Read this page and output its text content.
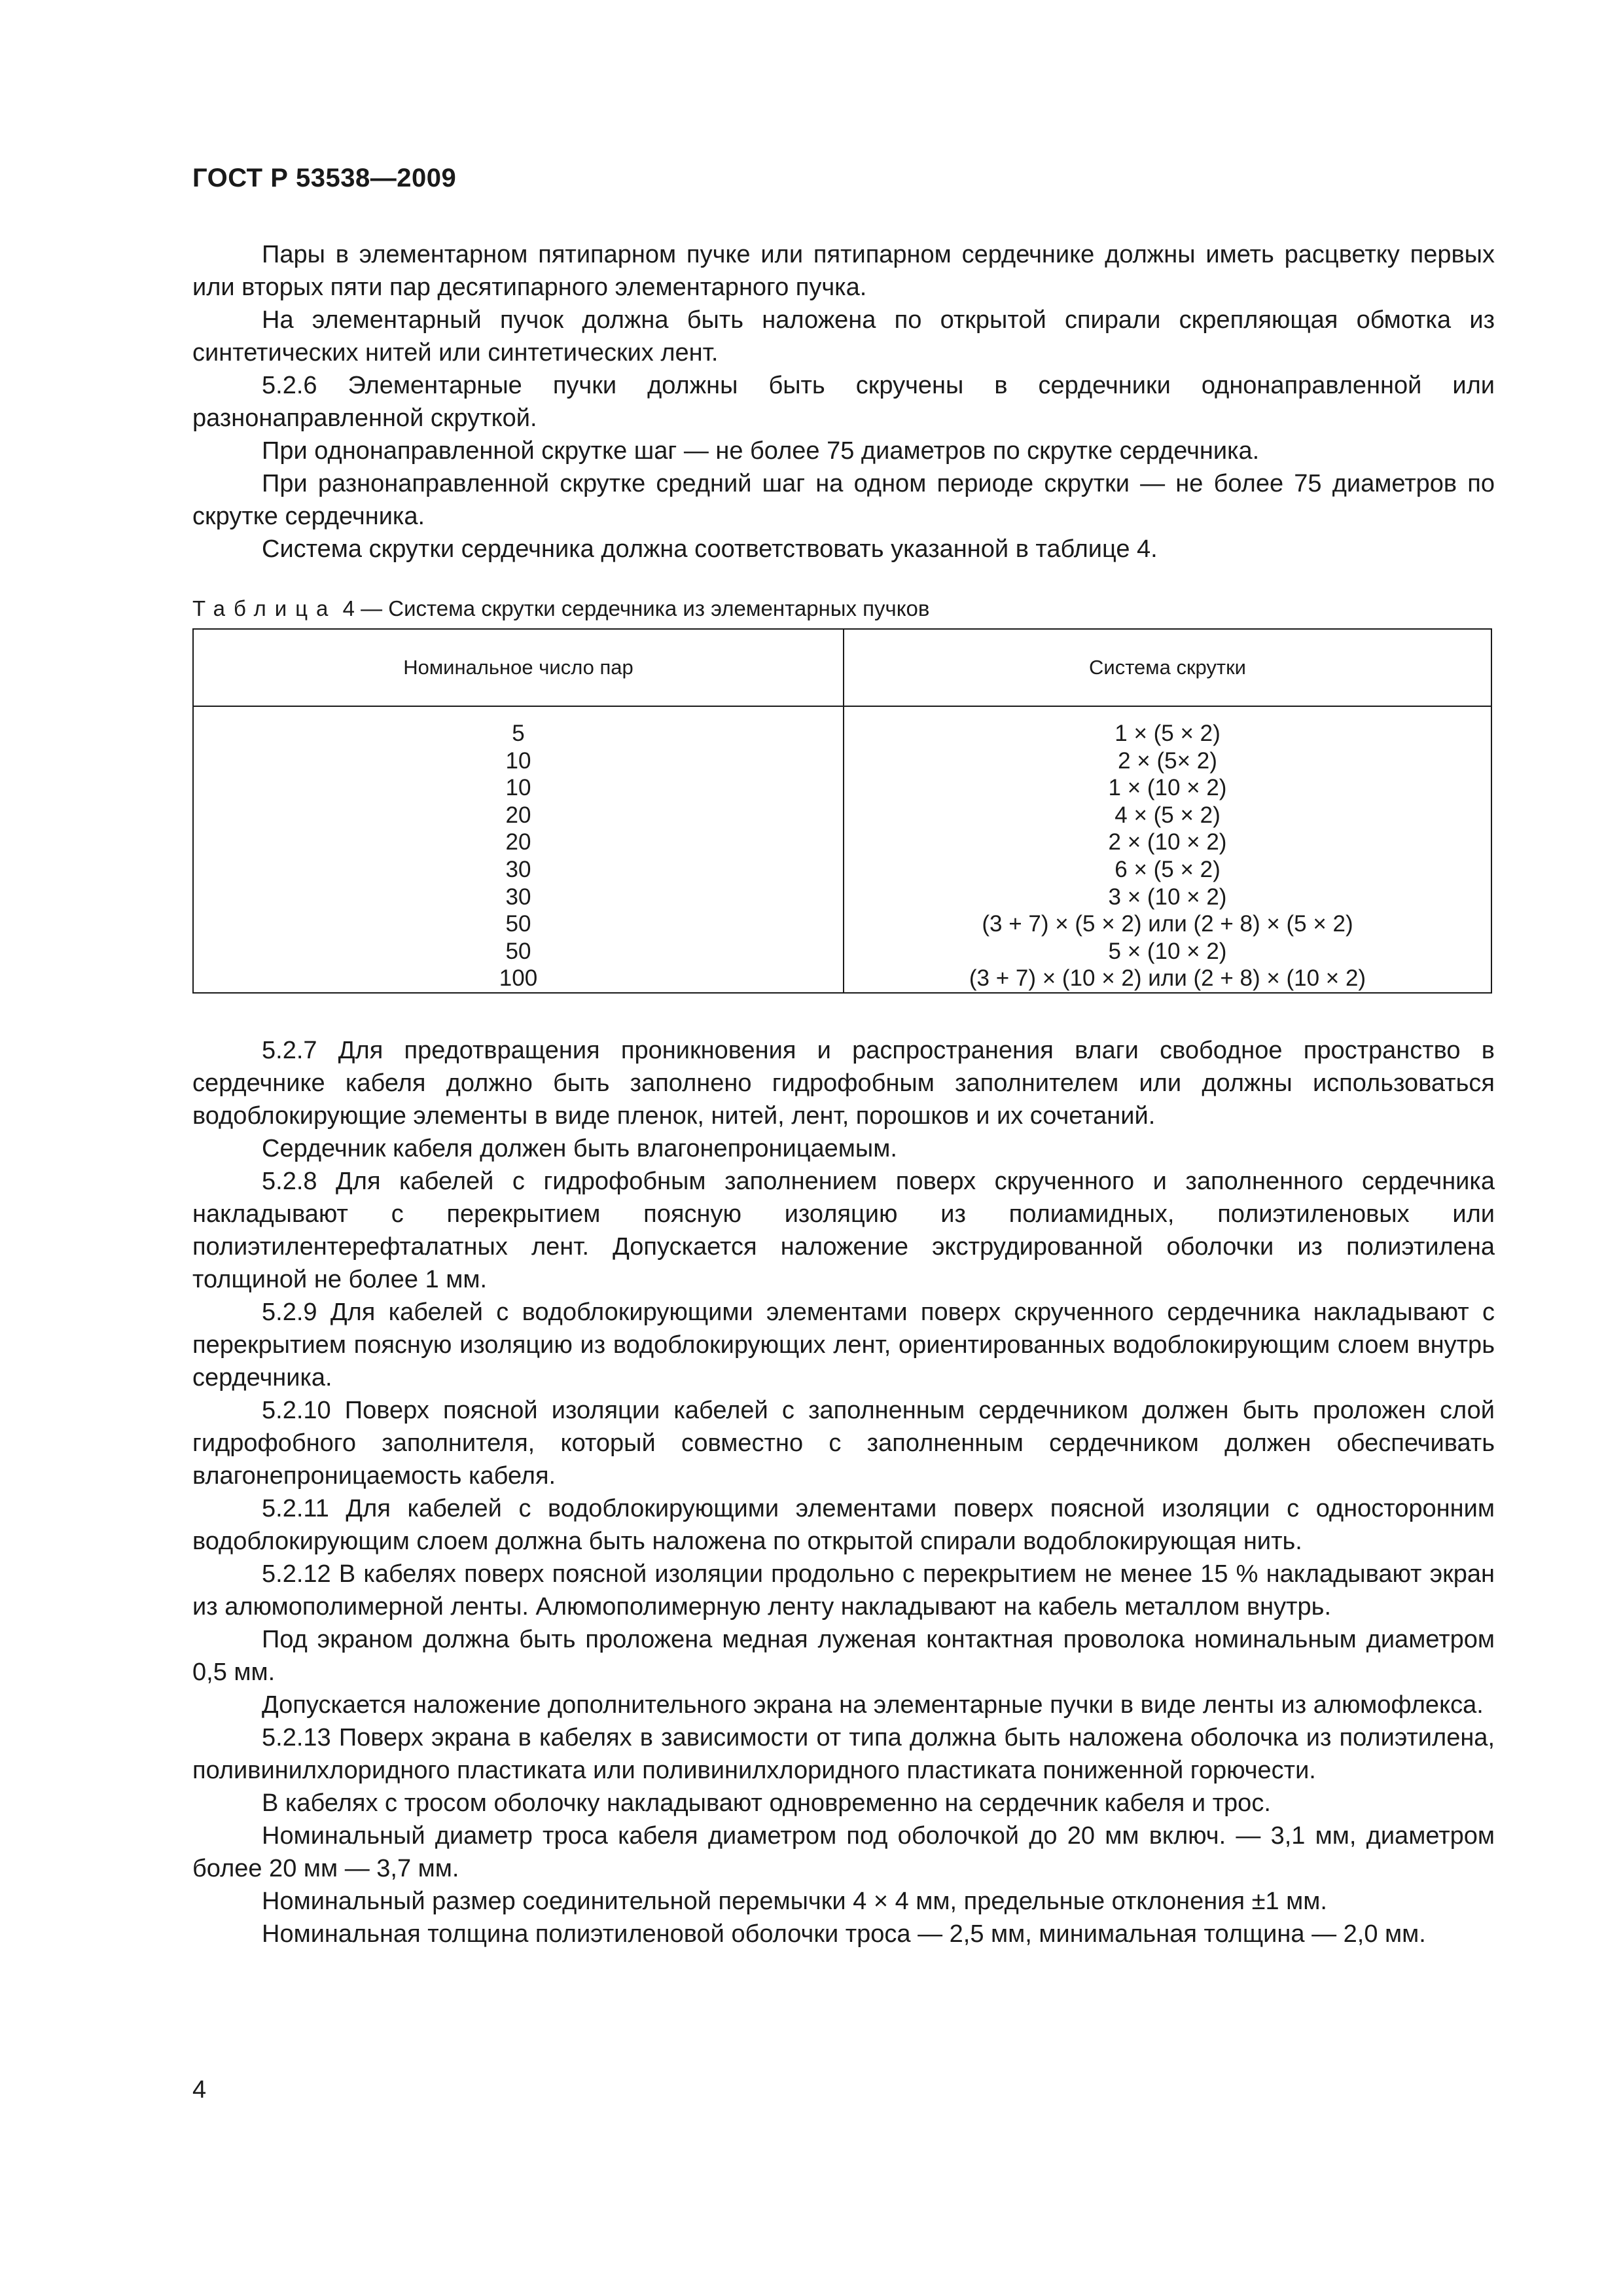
ГОСТ Р 53538—2009

Пары в элементарном пятипарном пучке или пятипарном сердечнике должны иметь расцветку первых или вторых пяти пар десятипарного элементарного пучка.

На элементарный пучок должна быть наложена по открытой спирали скрепляющая обмотка из синтетических нитей или синтетических лент.

5.2.6 Элементарные пучки должны быть скручены в сердечники однонаправленной или разнонаправленной скруткой.

При однонаправленной скрутке шаг — не более 75 диаметров по скрутке сердечника.

При разнонаправленной скрутке средний шаг на одном периоде скрутки — не более 75 диаметров по скрутке сердечника.

Система скрутки сердечника должна соответствовать указанной в таблице 4.

Таблица 4 — Система скрутки сердечника из элементарных пучков
Номинальное число пар	Система скрутки
5
10
10
20
20
30
30
50
50
100
1 × (5 × 2)
2 × (5× 2)
1 × (10 × 2)
4 × (5 × 2)
2 × (10 × 2)
6 × (5 × 2)
3 × (10 × 2)
(3 + 7) × (5 × 2) или (2 + 8) × (5 × 2)
5 × (10 × 2)
(3 + 7) × (10 × 2) или (2 + 8) × (10 × 2)

5.2.7 Для предотвращения проникновения и распространения влаги свободное пространство в сердечнике кабеля должно быть заполнено гидрофобным заполнителем или должны использоваться водоблокирующие элементы в виде пленок, нитей, лент, порошков и их сочетаний.

Сердечник кабеля должен быть влагонепроницаемым.

5.2.8 Для кабелей с гидрофобным заполнением поверх скрученного и заполненного сердечника накладывают с перекрытием поясную изоляцию из полиамидных, полиэтиленовых или полиэтилентерефталатных лент. Допускается наложение экструдированной оболочки из полиэтилена толщиной не более 1 мм.

5.2.9 Для кабелей с водоблокирующими элементами поверх скрученного сердечника накладывают с перекрытием поясную изоляцию из водоблокирующих лент, ориентированных водоблокирующим слоем внутрь сердечника.

5.2.10 Поверх поясной изоляции кабелей с заполненным сердечником должен быть проложен слой гидрофобного заполнителя, который совместно с заполненным сердечником должен обеспечивать влагонепроницаемость кабеля.

5.2.11 Для кабелей с водоблокирующими элементами поверх поясной изоляции с односторонним водоблокирующим слоем должна быть наложена по открытой спирали водоблокирующая нить.

5.2.12 В кабелях поверх поясной изоляции продольно с перекрытием не менее 15 % накладывают экран из алюмополимерной ленты. Алюмополимерную ленту накладывают на кабель металлом внутрь.

Под экраном должна быть проложена медная луженая контактная проволока номинальным диаметром 0,5 мм.

Допускается наложение дополнительного экрана на элементарные пучки в виде ленты из алюмофлекса.

5.2.13 Поверх экрана в кабелях в зависимости от типа должна быть наложена оболочка из полиэтилена, поливинилхлоридного пластиката или поливинилхлоридного пластиката пониженной горючести.

В кабелях с тросом оболочку накладывают одновременно на сердечник кабеля и трос.

Номинальный диаметр троса кабеля диаметром под оболочкой до 20 мм включ. — 3,1 мм, диаметром более 20 мм — 3,7 мм.

Номинальный размер соединительной перемычки 4 × 4 мм, предельные отклонения ±1 мм.

Номинальная толщина полиэтиленовой оболочки троса — 2,5 мм, минимальная толщина — 2,0 мм.

4
